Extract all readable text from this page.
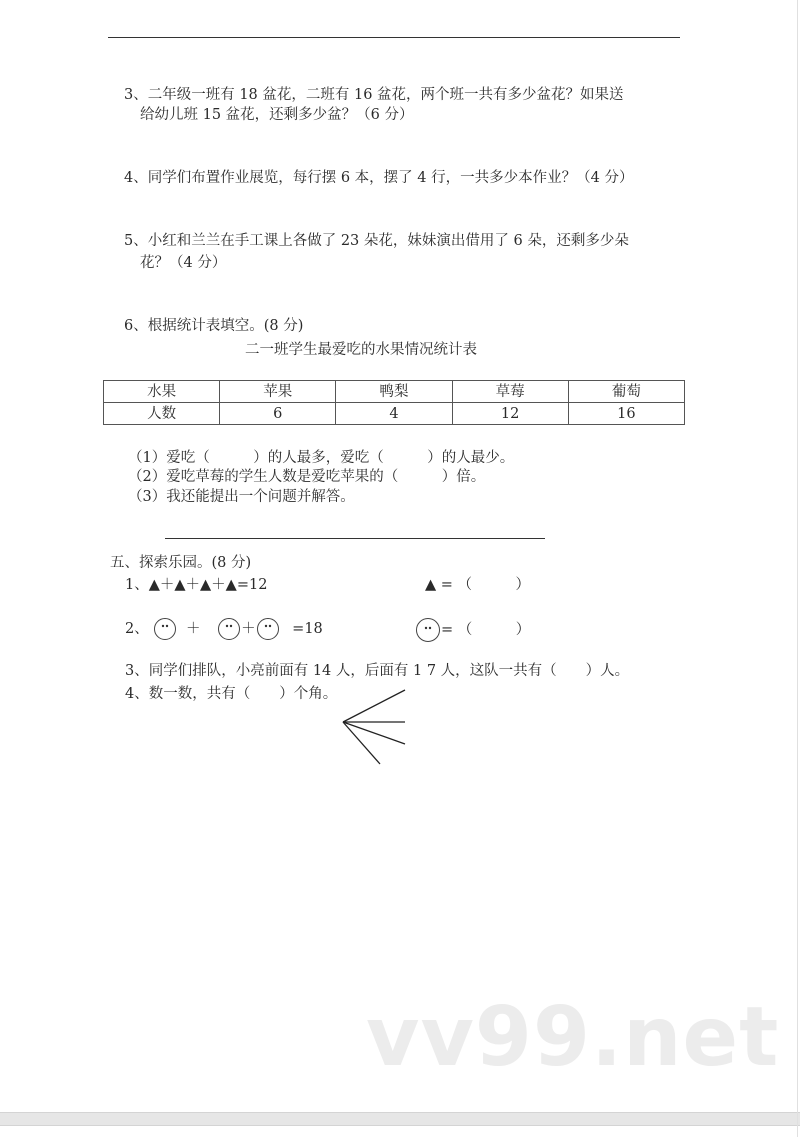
3、二年级一班有 18 盆花，二班有 16 盆花，两个班一共有多少盆花？如果送
给幼儿班 15 盆花，还剩多少盆？（6 分）
4、同学们布置作业展览，每行摆 6 本，摆了 4 行，一共多少本作业？（4 分）
5、小红和兰兰在手工课上各做了 23 朵花，妹妹演出借用了 6 朵，还剩多少朵
花？（4 分）
6、根据统计表填空。(8 分)
二一班学生最爱吃的水果情况统计表
水果	苹果	鸭梨	草莓	葡萄
人数	6	4	12	16
（1）爱吃（　　　）的人最多，爱吃（　　　）的人最少。
（2）爱吃草莓的学生人数是爱吃苹果的（　　　）倍。
（3）我还能提出一个问题并解答。
五、探索乐园。(8 分)
1、▲＋▲＋▲＋▲=12	▲ = （　　　）
2、	＋	＋	=18	= （　　　）
3、同学们排队，小亮前面有 14 人，后面有 1 7 人，这队一共有（　　）人。
4、数一数，共有（　　）个角。
vv99.net
